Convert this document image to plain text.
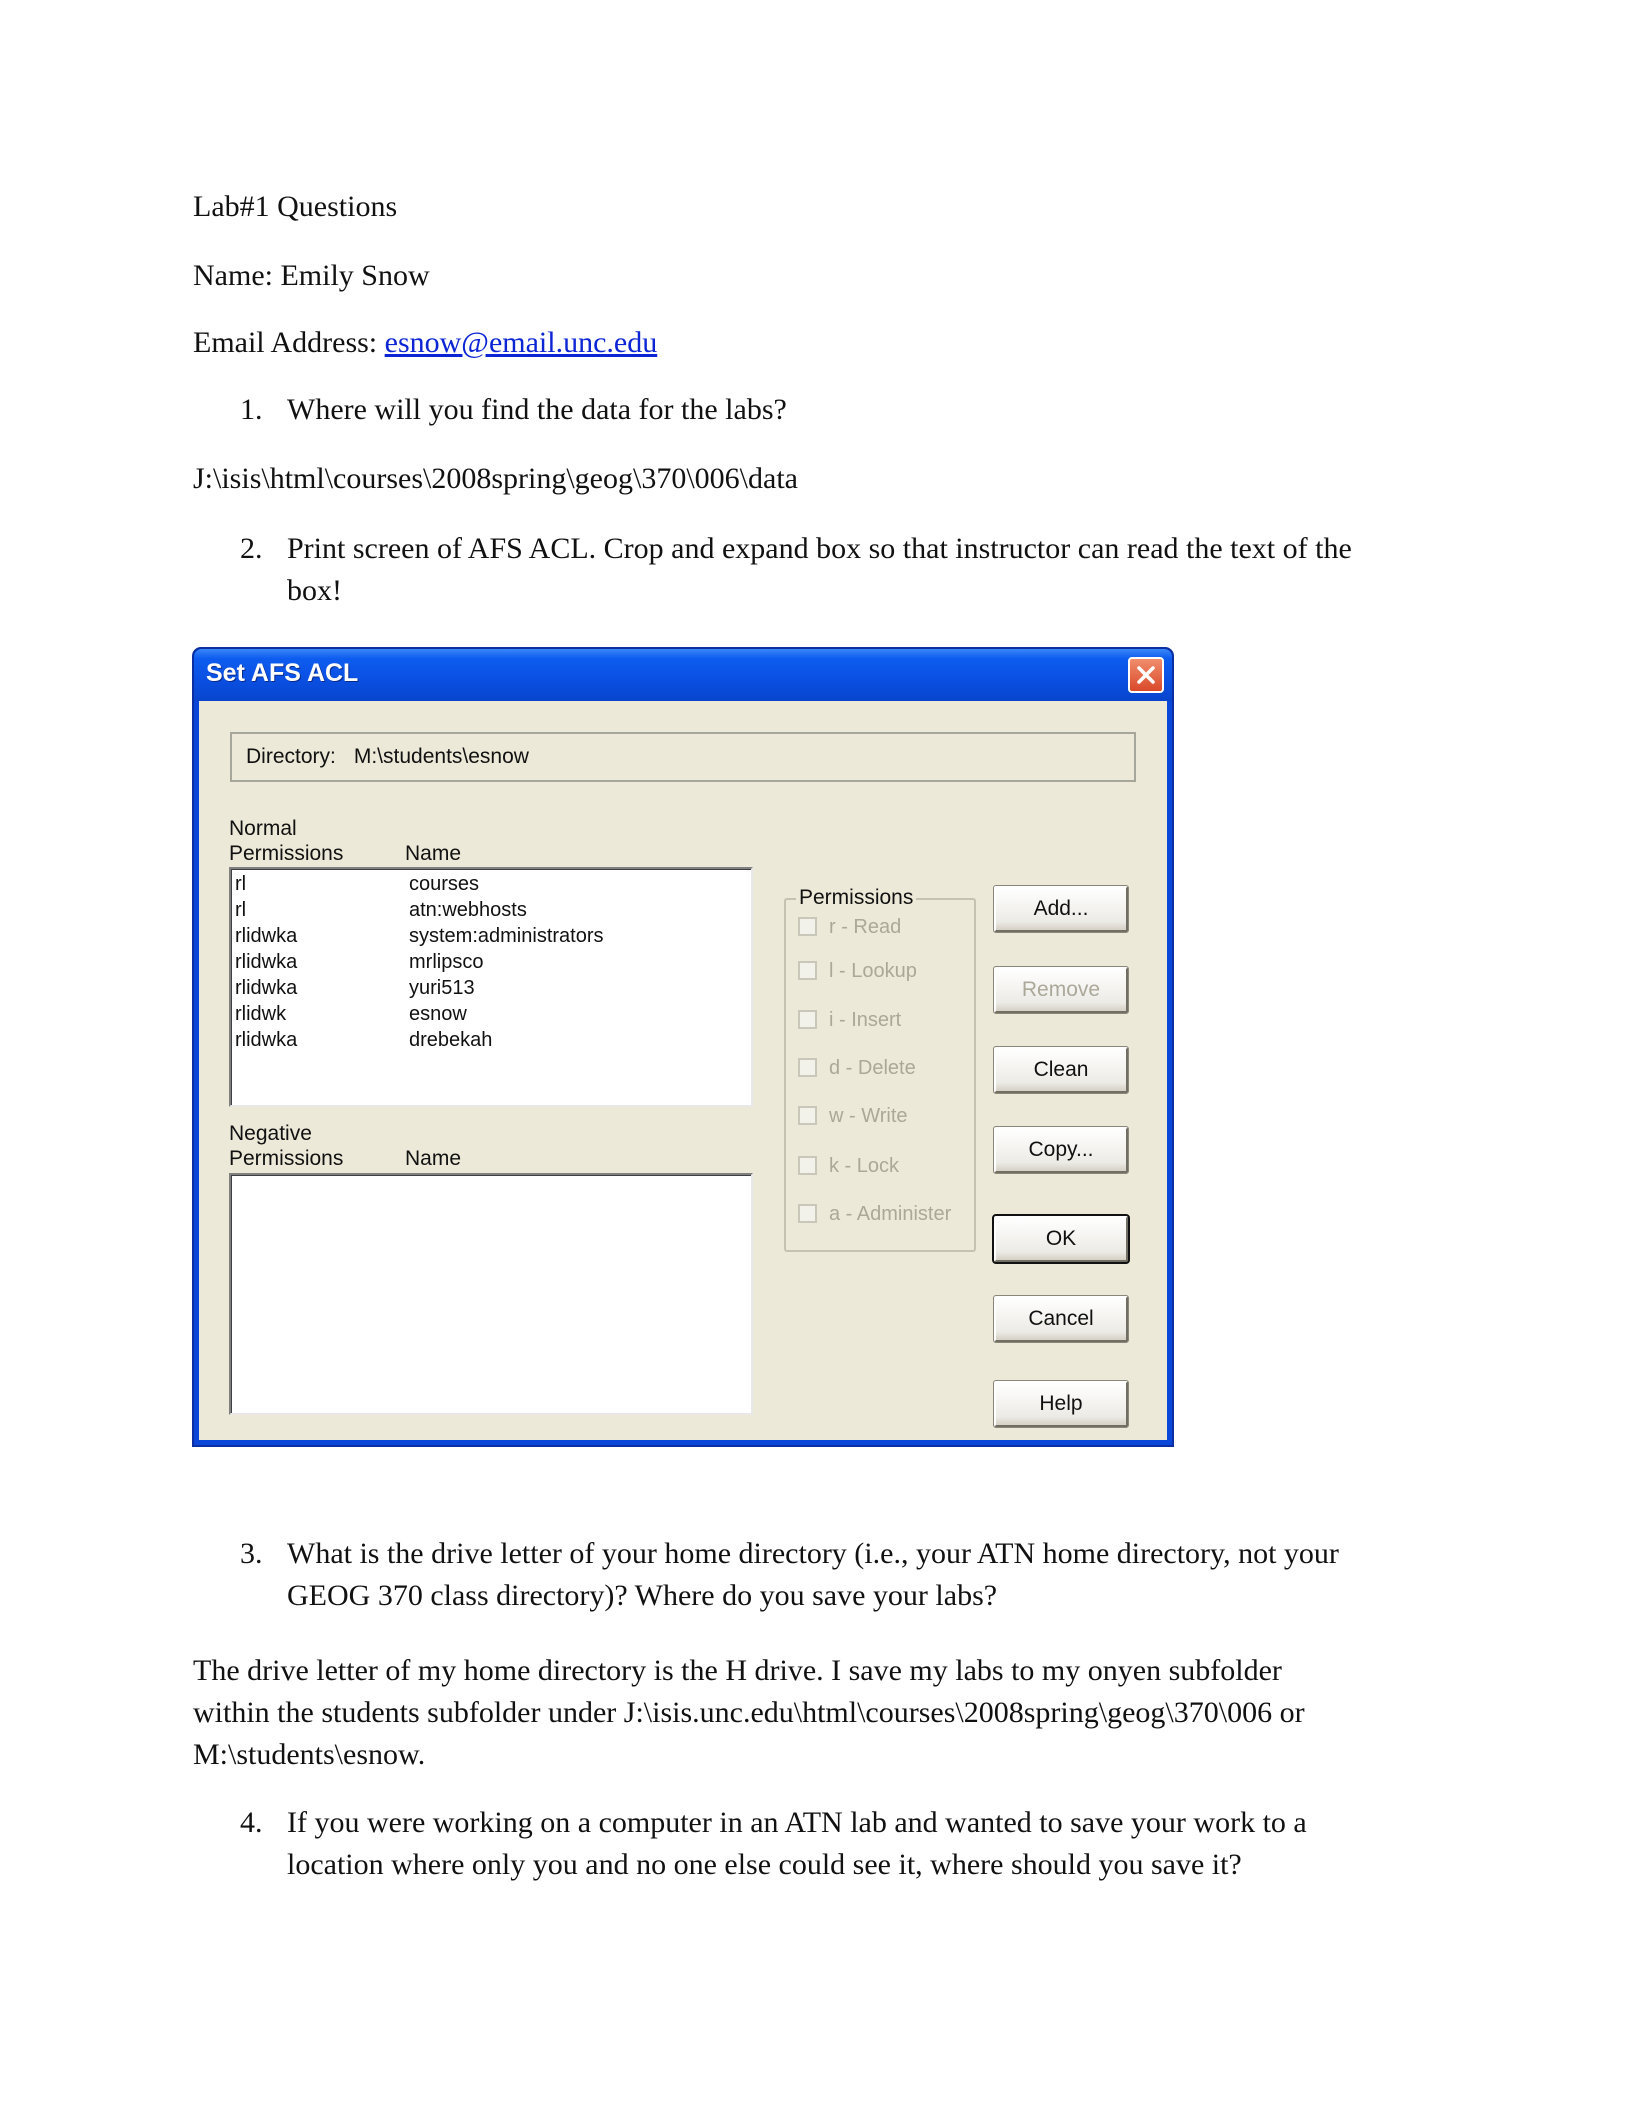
Lab#1 Questions
Name: Emily Snow
Email Address: esnow@email.unc.edu
1. Where will you find the data for the labs?
J:\isis\html\courses\2008spring\geog\370\006\data
2. Print screen of AFS ACL. Crop and expand box so that instructor can read the text of the
box!
Set AFS ACL
Directory: M:\students\esnow
Normal
Permissions	Name
rl	courses
rl	atn:webhosts
rlidwka	system:administrators
rlidwka	mrlipsco
rlidwka	yuri513
rlidwk	esnow
rlidwka	drebekah
Negative
Permissions	Name
Permissions
r - Read
l - Lookup
i - Insert
d - Delete
w - Write
k - Lock
a - Administer
Add...
Remove
Clean
Copy...
OK
Cancel
Help
3. What is the drive letter of your home directory (i.e., your ATN home directory, not your
GEOG 370 class directory)? Where do you save your labs?
The drive letter of my home directory is the H drive. I save my labs to my onyen subfolder
within the students subfolder under J:\isis.unc.edu\html\courses\2008spring\geog\370\006 or
M:\students\esnow.
4. If you were working on a computer in an ATN lab and wanted to save your work to a
location where only you and no one else could see it, where should you save it?
